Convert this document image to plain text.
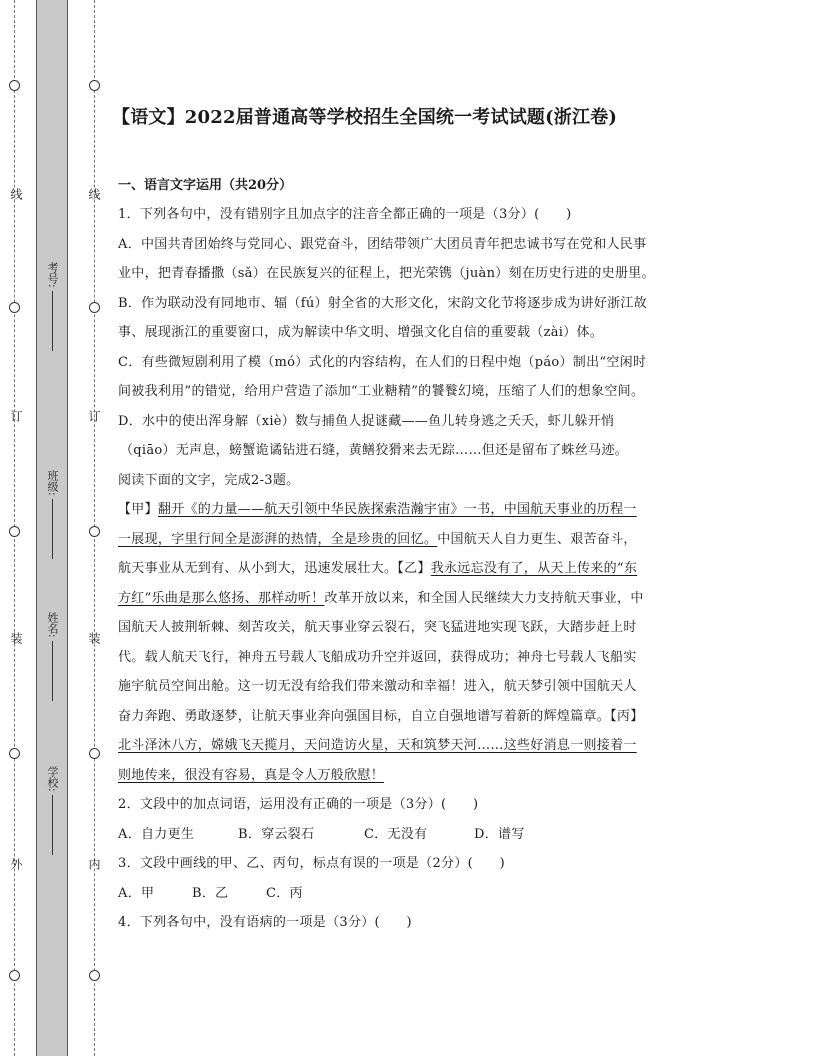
线
订
装
外
线
订
装
内
考号:
班级:
姓名:
学校:
【语文】2022届普通高等学校招生全国统一考试试题(浙江卷)
一、语言文字运用（共20分）
1．下列各句中，没有错别字且加点字的注音全都正确的一项是（3分）(　　)
A．中国共青团始终与党同心、跟党奋斗，团结带领广大团员青年把忠诚书写在党和人民事
业中，把青春播撒（sǎ）在民族复兴的征程上，把光荣镌（juàn）刻在历史行进的史册里。
B．作为联动没有同地市、辐（fú）射全省的大形文化，宋韵文化节将逐步成为讲好浙江故
事、展现浙江的重要窗口，成为解读中华文明、增强文化自信的重要载（zài）体。
C．有些微短剧利用了模（mó）式化的内容结构，在人们的日程中炮（páo）制出“空闲时
间被我利用”的错觉，给用户营造了添加“工业糖精”的饕餮幻境，压缩了人们的想象空间。
D．水中的使出浑身解（xiè）数与捕鱼人捉谜藏——鱼儿转身逃之夭夭，虾儿躲开悄
（qiāo）无声息，螃蟹诡谲钻进石缝，黄鳝狡猾来去无踪……但还是留布了蛛丝马迹。
阅读下面的文字，完成2-3题。
【甲】翻开《的力量——航天引领中华民族探索浩瀚宇宙》一书，中国航天事业的历程一
一展现，字里行间全是澎湃的热情，全是珍贵的回忆。中国航天人自力更生、艰苦奋斗，
航天事业从无到有、从小到大，迅速发展壮大。【乙】我永远忘没有了，从天上传来的“东
方红”乐曲是那么悠扬、那样动听！改革开放以来，和全国人民继续大力支持航天事业，中
国航天人披荆斩棘、刻苦攻关，航天事业穿云裂石，突飞猛进地实现飞跃，大踏步赶上时
代。载人航天飞行，神舟五号载人飞船成功升空并返回，获得成功；神舟七号载人飞船实
施宇航员空间出舱。这一切无没有给我们带来激动和幸福！进入，航天梦引领中国航天人
奋力奔跑、勇敢逐梦，让航天事业奔向强国目标，自立自强地谱写着新的辉煌篇章。【丙】
北斗泽沐八方，嫦娥飞天揽月，天问造访火星，天和筑梦天河……这些好消息一则接着一
则地传来，很没有容易，真是令人万般欣慰！
2．文段中的加点词语，运用没有正确的一项是（3分）(　　)
A．自力更生	B．穿云裂石	C．无没有	D．谱写
3．文段中画线的甲、乙、丙句，标点有误的一项是（2分）(　　)
A．甲	B．乙	C．丙
4．下列各句中，没有语病的一项是（3分）(　　)
